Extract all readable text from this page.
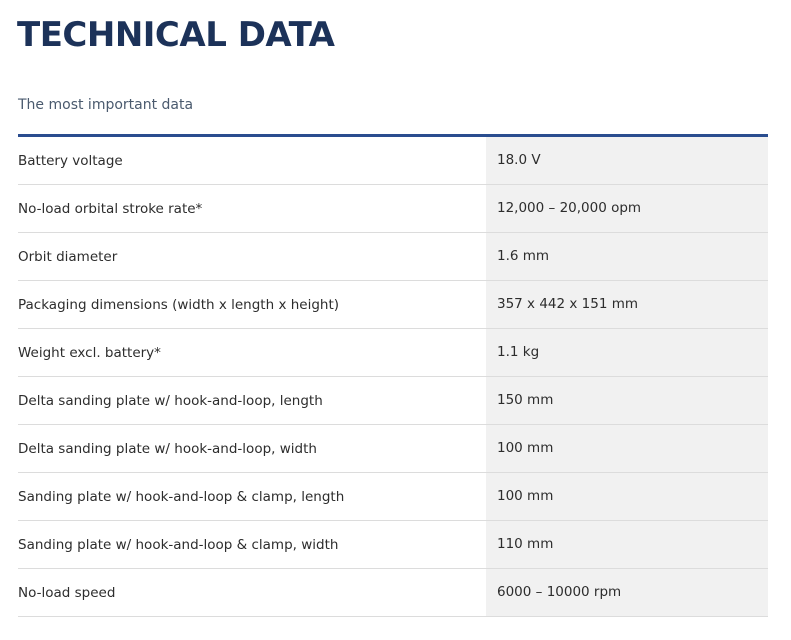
TECHNICAL DATA
The most important data
Battery voltage	18.0 V
No-load orbital stroke rate*	12,000 – 20,000 opm
Orbit diameter	1.6 mm
Packaging dimensions (width x length x height)	357 x 442 x 151 mm
Weight excl. battery*	1.1 kg
Delta sanding plate w/ hook-and-loop, length	150 mm
Delta sanding plate w/ hook-and-loop, width	100 mm
Sanding plate w/ hook-and-loop & clamp, length	100 mm
Sanding plate w/ hook-and-loop & clamp, width	110 mm
No-load speed	6000 – 10000 rpm
